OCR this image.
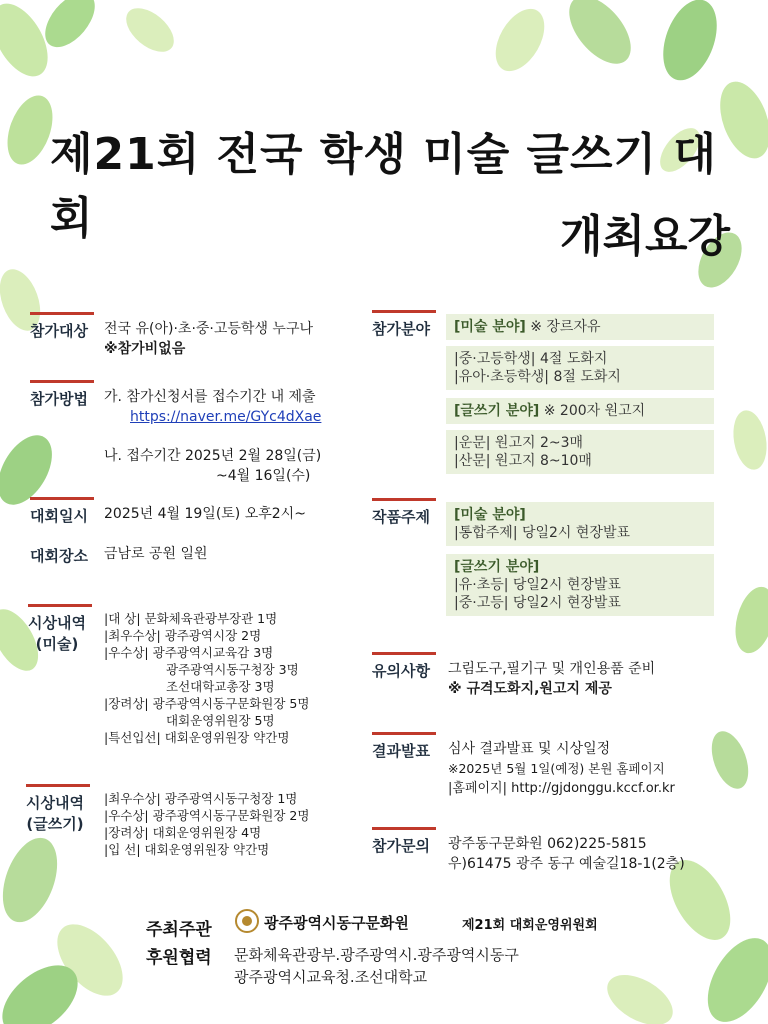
제21회 전국 학생 미술 글쓰기 대회	개최요강
참가대상 전국 유(아)·초·중·고등학생 누구나
※참가비없음
참가방법 가. 참가신청서를 접수기간 내 제출
https://naver.me/GYc4dXae
나. 접수기간 2025년 2월 28일(금)
~4월 16일(수)
대회일시 2025년 4월 19일(토) 오후2시~
대회장소 금남로 공원 일원
시상내역
(미술)
|대 상| 문화체육관광부장관 1명
|최우수상| 광주광역시장 2명
|우수상| 광주광역시교육감 3명
광주광역시동구청장 3명
조선대학교총장 3명
|장려상| 광주광역시동구문화원장 5명
대회운영위원장 5명
|특선입선| 대회운영위원장 약간명
시상내역
(글쓰기)
|최우수상| 광주광역시동구청장 1명
|우수상| 광주광역시동구문화원장 2명
|장려상| 대회운영위원장 4명
|입 선| 대회운영위원장 약간명
참가분야	[미술 분야] ※ 장르자유
|중·고등학생| 4절 도화지
|유아·초등학생| 8절 도화지
[글쓰기 분야] ※ 200자 원고지
|운문| 원고지 2~3매
|산문| 원고지 8~10매
작품주제 [미술 분야]
|통합주제| 당일2시 현장발표
[글쓰기 분야]
|유·초등| 당일2시 현장발표
|중·고등| 당일2시 현장발표
유의사항 그림도구,필기구 및 개인용품 준비
※ 규격도화지,원고지 제공
결과발표 심사 결과발표 및 시상일정
※2025년 5월 1일(예정) 본원 홈페이지
|홈페이지| http://gjdonggu.kccf.or.kr
참가문의 광주동구문화원 062)225-5815
우)61475 광주 동구 예술길18-1(2층)
주최주관	광주광역시동구문화원	제21회 대회운영위원회
후원협력 문화체육관광부.광주광역시.광주광역시동구
광주광역시교육청.조선대학교
